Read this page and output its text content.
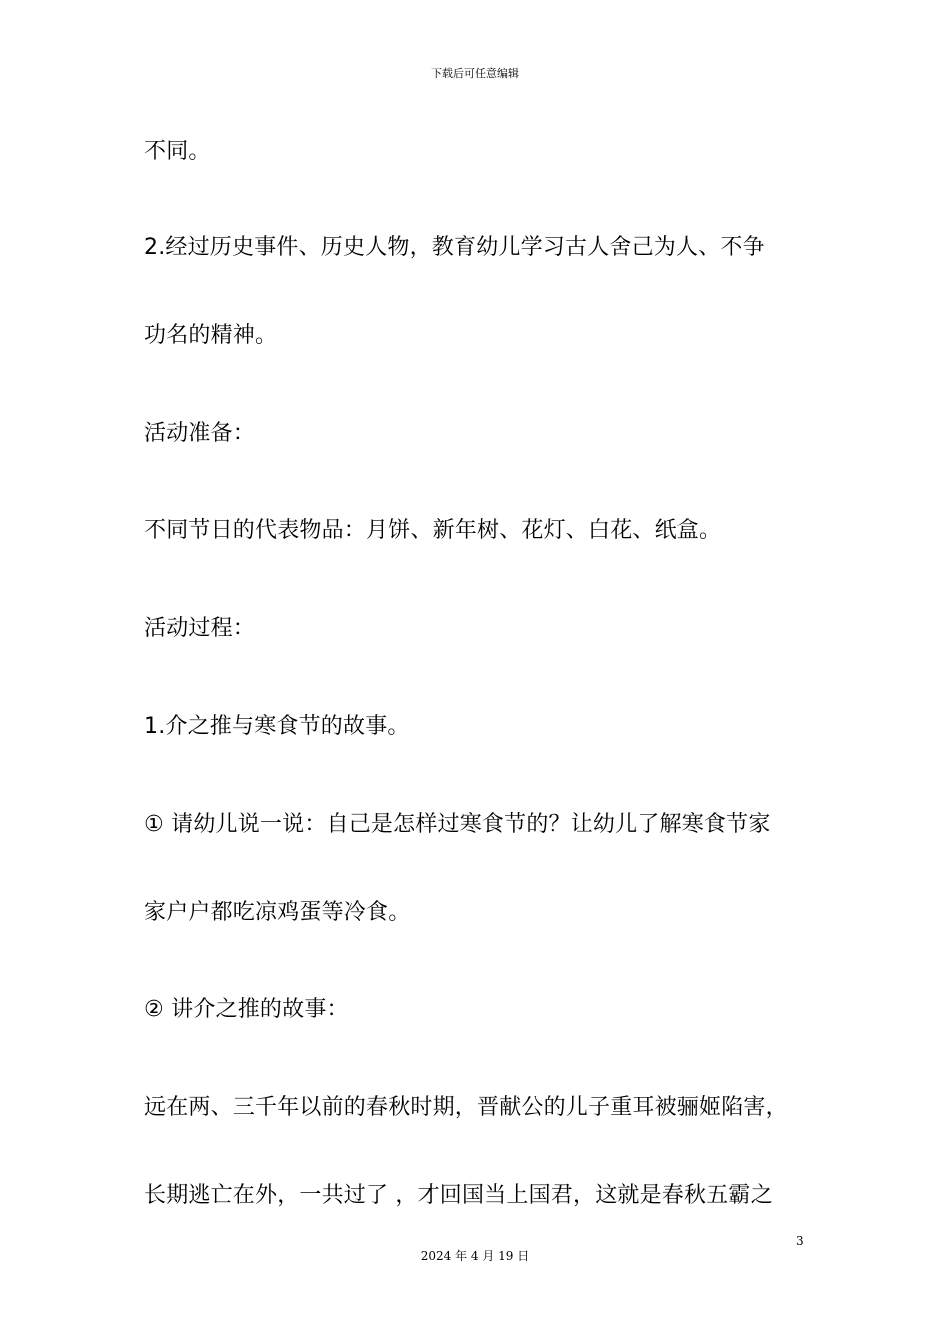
下载后可任意编辑
不同。
2.经过历史事件、历史人物，教育幼儿学习古人舍己为人、不争
功名的精神。
活动准备：
不同节日的代表物品：月饼、新年树、花灯、白花、纸盒。
活动过程：
1.介之推与寒食节的故事。
① 请幼儿说一说：自己是怎样过寒食节的？让幼儿了解寒食节家
家户户都吃凉鸡蛋等冷食。
② 讲介之推的故事：
远在两、三千年以前的春秋时期，晋献公的儿子重耳被骊姬陷害，
长期逃亡在外，一共过了 ，才回国当上国君，这就是春秋五霸之
3
2024 年 4 月 19 日
